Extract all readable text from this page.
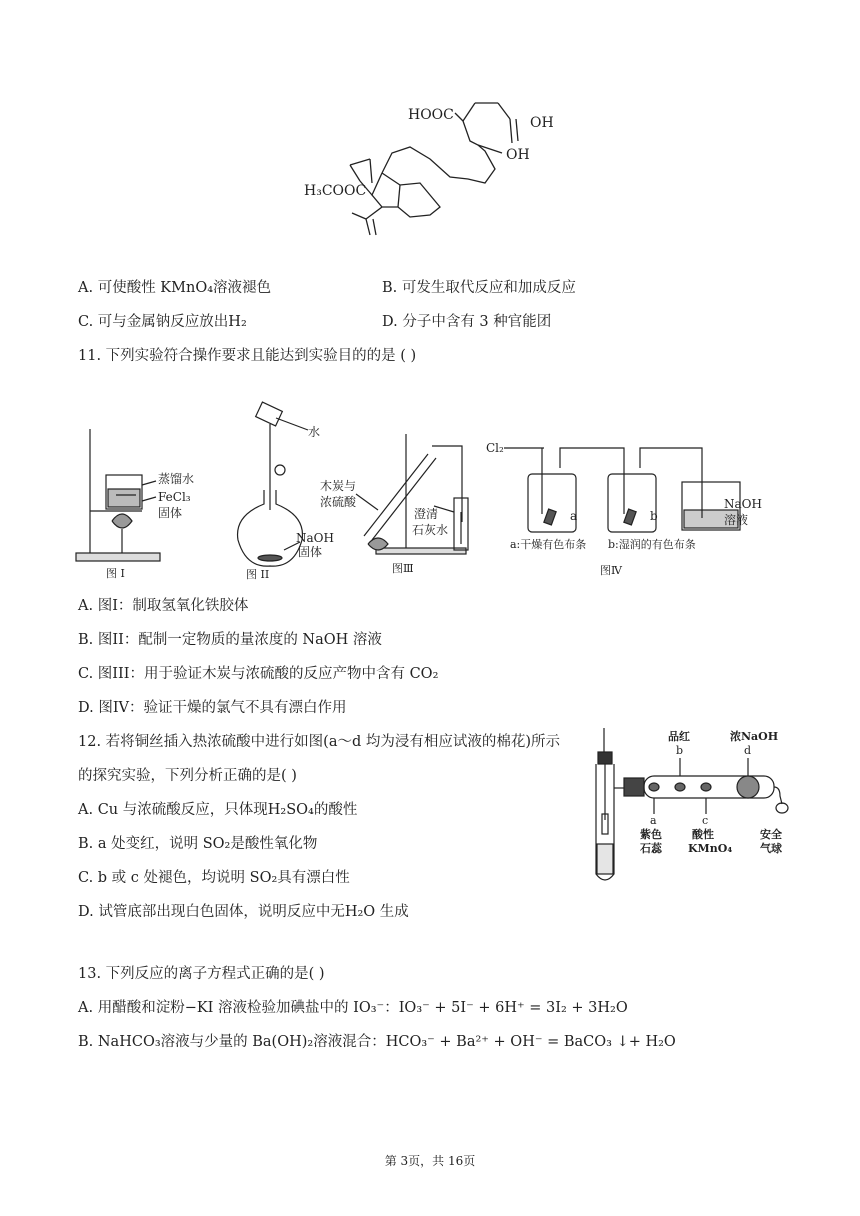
HOOC	OH
OH
H₃COOC
A. 可使酸性 KMnO₄溶液褪色	B. 可发生取代反应和加成反应
C. 可与金属钠反应放出H₂	D. 分子中含有 3 种官能团
11. 下列实验符合操作要求且能达到实验目的的是 ( )
蒸馏水
FeCl₃
固体
图 I
水
NaOH
固体
图 II
木炭与
浓硫酸
澄清
石灰水
图Ⅲ
Cl₂
a	b
NaOH
溶液
a:干燥有色布条 b:湿润的有色布条
图Ⅳ
A. 图I：制取氢氧化铁胶体
B. 图II：配制一定物质的量浓度的 NaOH 溶液
C. 图III：用于验证木炭与浓硫酸的反应产物中含有 CO₂
D. 图IV：验证干燥的氯气不具有漂白作用
12. 若将铜丝插入热浓硫酸中进行如图(a～d 均为浸有相应试液的棉花)所示
的探究实验，下列分析正确的是( )
A. Cu 与浓硫酸反应，只体现H₂SO₄的酸性
B. a 处变红，说明 SO₂是酸性氧化物
C. b 或 c 处褪色，均说明 SO₂具有漂白性
D. 试管底部出现白色固体，说明反应中无H₂O 生成
品红
b
浓NaOH
d
a
紫色
石蕊
c
酸性
KMnO₄
安全
气球
13. 下列反应的离子方程式正确的是( )
A. 用醋酸和淀粉−KI 溶液检验加碘盐中的 IO₃⁻：IO₃⁻ + 5I⁻ + 6H⁺ = 3I₂ + 3H₂O
B. NaHCO₃溶液与少量的 Ba(OH)₂溶液混合：HCO₃⁻ + Ba²⁺ + OH⁻ = BaCO₃ ↓+ H₂O
第 3页，共 16页
